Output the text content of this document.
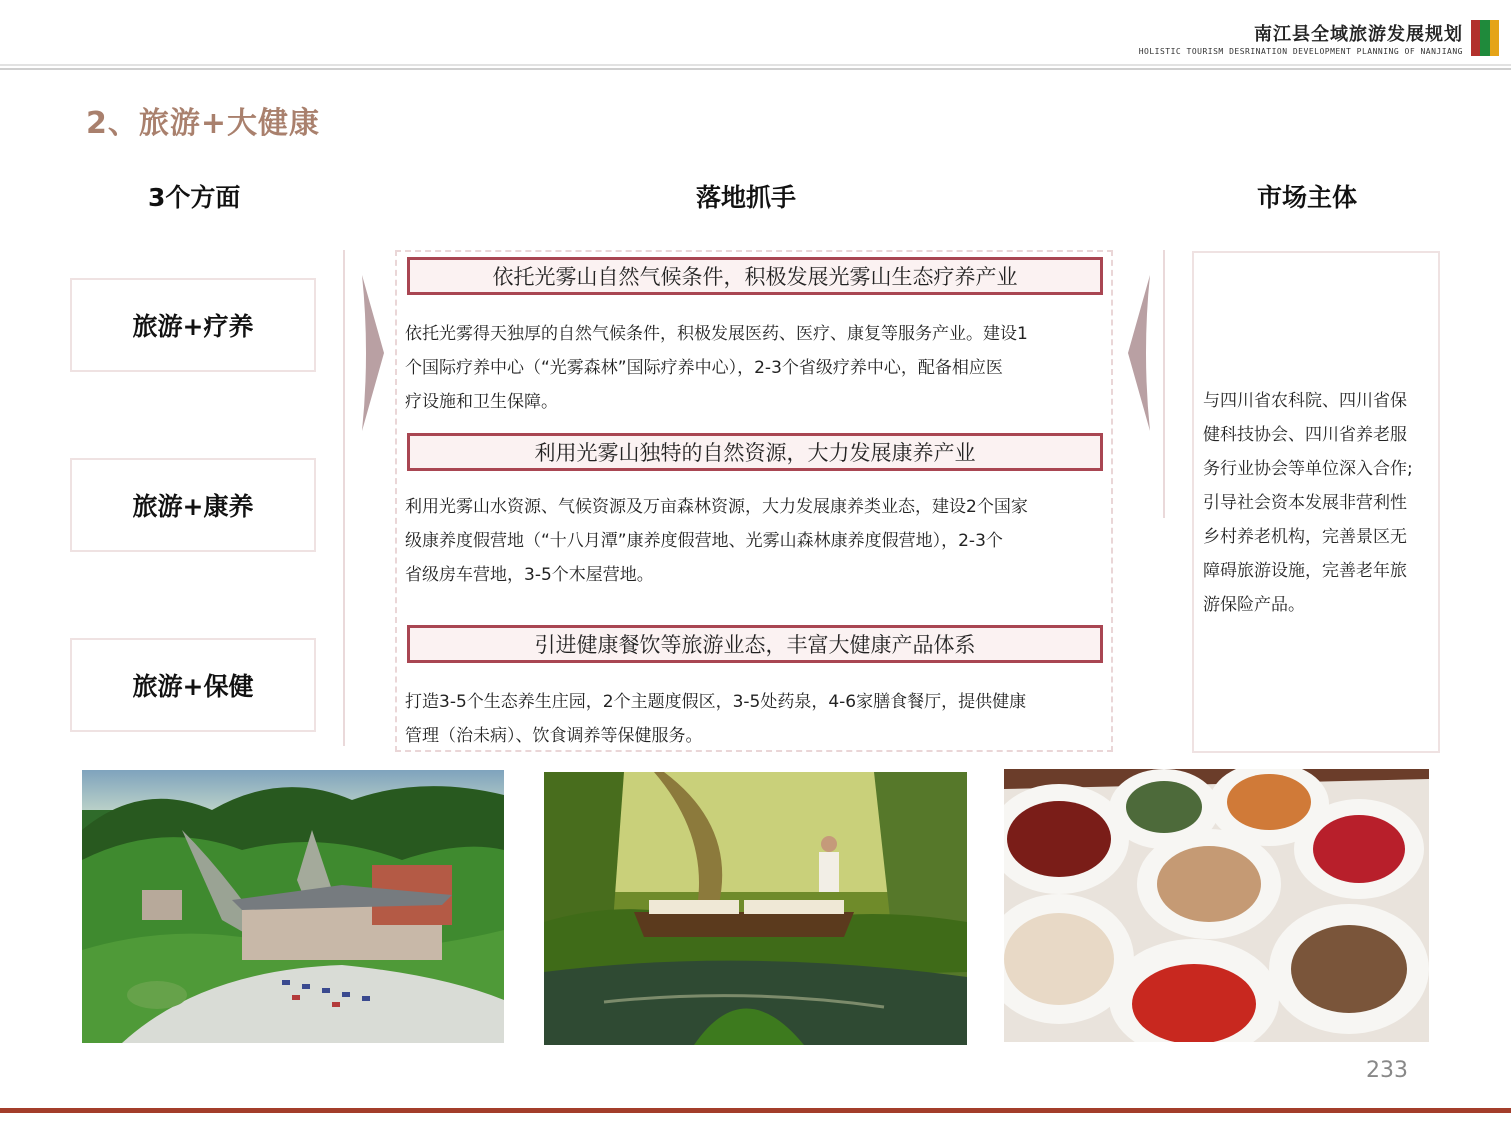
南江县全域旅游发展规划
HOLISTIC TOURISM DESRINATION DEVELOPMENT PLANNING OF NANJIANG
2、旅游+大健康
3个方面	落地抓手	市场主体
旅游+疗养
旅游+康养
旅游+保健
依托光雾山自然气候条件，积极发展光雾山生态疗养产业
依托光雾得天独厚的自然气候条件，积极发展医药、医疗、康复等服务产业。建设1
个国际疗养中心（“光雾森林”国际疗养中心），2-3个省级疗养中心，配备相应医
疗设施和卫生保障。
利用光雾山独特的自然资源，大力发展康养产业
利用光雾山水资源、气候资源及万亩森林资源，大力发展康养类业态，建设2个国家
级康养度假营地（“十八月潭”康养度假营地、光雾山森林康养度假营地），2-3个
省级房车营地，3-5个木屋营地。
引进健康餐饮等旅游业态，丰富大健康产品体系
打造3-5个生态养生庄园，2个主题度假区，3-5处药泉，4-6家膳食餐厅，提供健康
管理（治未病）、饮食调养等保健服务。
与四川省农科院、四川省保
健科技协会、四川省养老服
务行业协会等单位深入合作;
引导社会资本发展非营利性
乡村养老机构，完善景区无
障碍旅游设施，完善老年旅
游保险产品。
233
